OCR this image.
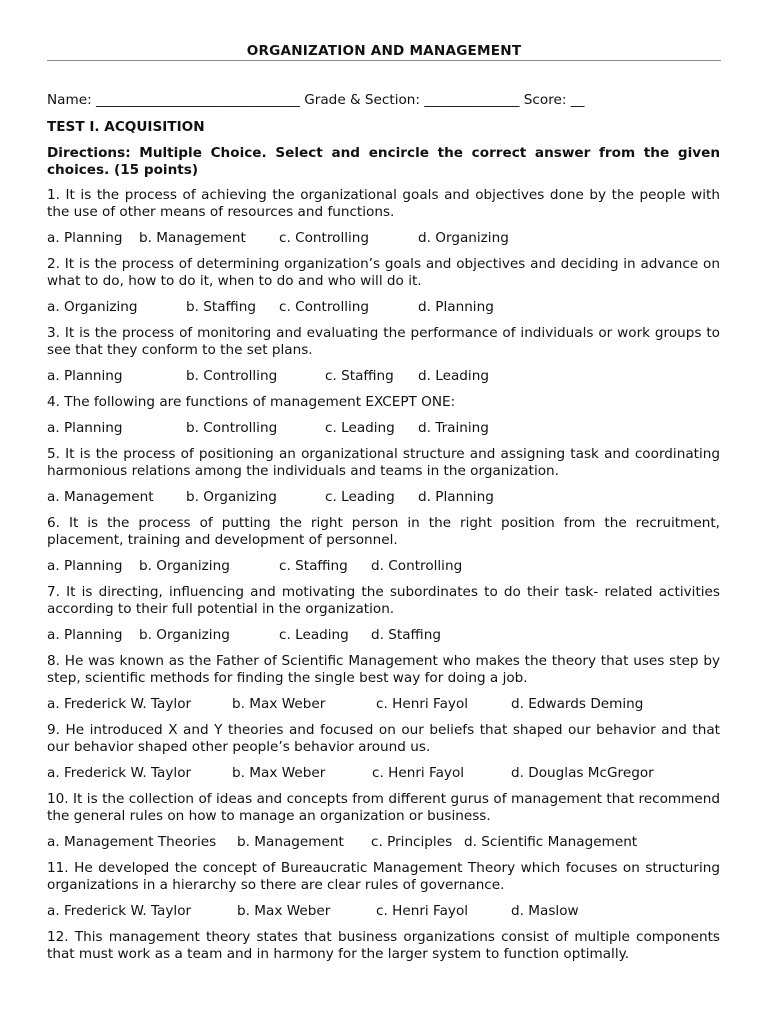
ORGANIZATION AND MANAGEMENT

Name: ______________________________ Grade & Section: ______________ Score: __

TEST I. ACQUISITION

Directions: Multiple Choice. Select and encircle the correct answer from the given choices. (15 points)

1. It is the process of achieving the organizational goals and objectives done by the people with the use of other means of resources and functions.

a. Planning b. Management c. Controlling	d. Organizing

2. It is the process of determining organization’s goals and objectives and deciding in advance on what to do, how to do it, when to do and who will do it.

a. Organizing	b. Staffing c. Controlling	d. Planning

3. It is the process of monitoring and evaluating the performance of individuals or work groups to see that they conform to the set plans.

a. Planning	b. Controlling	c. Staffing d. Leading

4. The following are functions of management EXCEPT ONE:

a. Planning	b. Controlling	c. Leading d. Training

5. It is the process of positioning an organizational structure and assigning task and coordinating harmonious relations among the individuals and teams in the organization.

a. Management b. Organizing	c. Leading d. Planning

6. It is the process of putting the right person in the right position from the recruitment, placement, training and development of personnel.

a. Planning b. Organizing	c. Staffing d. Controlling

7. It is directing, influencing and motivating the subordinates to do their task- related activities according to their full potential in the organization.

a. Planning b. Organizing	c. Leading d. Staffing

8. He was known as the Father of Scientific Management who makes the theory that uses step by step, scientific methods for finding the single best way for doing a job.

a. Frederick W. Taylor	b. Max Weber	c. Henri Fayol	d. Edwards Deming

9. He introduced X and Y theories and focused on our beliefs that shaped our behavior and that our behavior shaped other people’s behavior around us.

a. Frederick W. Taylor	b. Max Weber	c. Henri Fayol	d. Douglas McGregor

10. It is the collection of ideas and concepts from different gurus of management that recommend the general rules on how to manage an organization or business.

a. Management Theories b. Management c. Principles d. Scientific Management

11. He developed the concept of Bureaucratic Management Theory which focuses on structuring organizations in a hierarchy so there are clear rules of governance.

a. Frederick W. Taylor	b. Max Weber	c. Henri Fayol	d. Maslow

12. This management theory states that business organizations consist of multiple components that must work as a team and in harmony for the larger system to function optimally.
